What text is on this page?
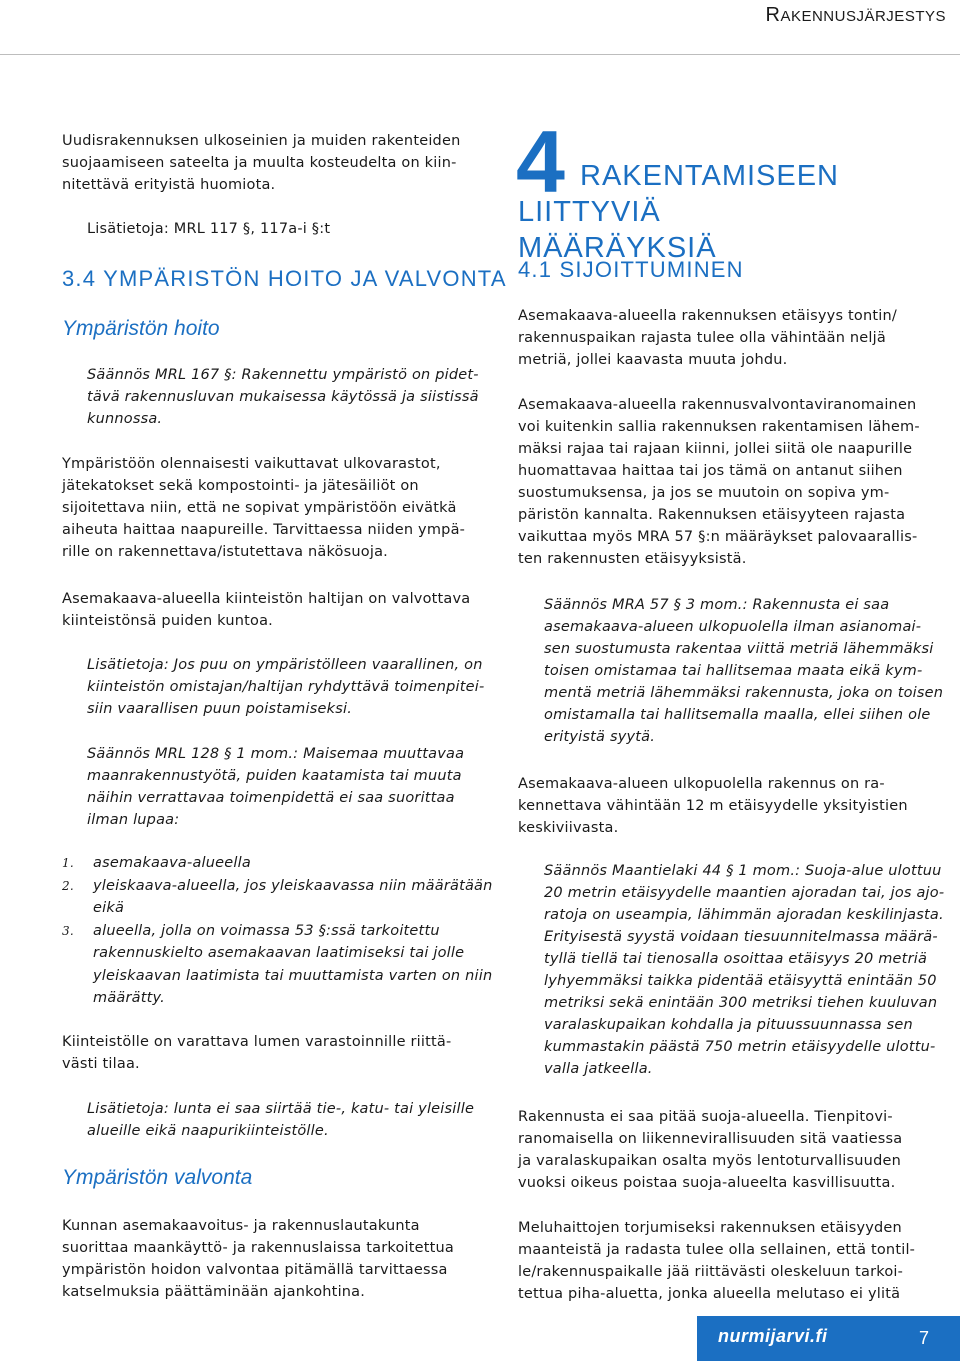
RAKENNUSJÄRJESTYS
Uudisrakennuksen ulkoseinien ja muiden rakenteiden
suojaamiseen sateelta ja muulta kosteudelta on kiin-
nitettävä erityistä huomiota.
Lisätietoja: MRL 117 §, 117a-i §:t
3.4 YMPÄRISTÖN HOITO JA VALVONTA
Ympäristön hoito
Säännös MRL 167 §: Rakennettu ympäristö on pidet-
tävä rakennusluvan mukaisessa käytössä ja siistissä
kunnossa.
Ympäristöön olennaisesti vaikuttavat ulkovarastot,
jätekatokset sekä kompostointi- ja jätesäiliöt on
sijoitettava niin, että ne sopivat ympäristöön eivätkä
aiheuta haittaa naapureille. Tarvittaessa niiden ympä-
rille on rakennettava/istutettava näkösuoja.
Asemakaava-alueella kiinteistön haltijan on valvottava
kiinteistönsä puiden kuntoa.
Lisätietoja: Jos puu on ympäristölleen vaarallinen, on
kiinteistön omistajan/haltijan ryhdyttävä toimenpitei-
siin vaarallisen puun poistamiseksi.
Säännös MRL 128 § 1 mom.: Maisemaa muuttavaa
maanrakennustyötä, puiden kaatamista tai muuta
näihin verrattavaa toimenpidettä ei saa suorittaa
ilman lupaa:
1. asemakaava-alueella
2. yleiskaava-alueella, jos yleiskaavassa niin määrätään
eikä
3. alueella, jolla on voimassa 53 §:ssä tarkoitettu
rakennuskielto asemakaavan laatimiseksi tai jolle
yleiskaavan laatimista tai muuttamista varten on niin
määrätty.
Kiinteistölle on varattava lumen varastoinnille riittä-
västi tilaa.
Lisätietoja: lunta ei saa siirtää tie-, katu- tai yleisille
alueille eikä naapurikiinteistölle.
Ympäristön valvonta
Kunnan asemakaavoitus- ja rakennuslautakunta
suorittaa maankäyttö- ja rakennuslaissa tarkoitettua
ympäristön hoidon valvontaa pitämällä tarvittaessa
katselmuksia päättäminään ajankohtina.
4 RAKENTAMISEEN LIITTYVIÄ
MÄÄRÄYKSIÄ
4.1 SIJOITTUMINEN
Asemakaava-alueella rakennuksen etäisyys tontin/
rakennuspaikan rajasta tulee olla vähintään neljä
metriä, jollei kaavasta muuta johdu.
Asemakaava-alueella rakennusvalvontaviranomainen
voi kuitenkin sallia rakennuksen rakentamisen lähem-
mäksi rajaa tai rajaan kiinni, jollei siitä ole naapurille
huomattavaa haittaa tai jos tämä on antanut siihen
suostumuksensa, ja jos se muutoin on sopiva ym-
päristön kannalta. Rakennuksen etäisyyteen rajasta
vaikuttaa myös MRA 57 §:n määräykset palovaarallis-
ten rakennusten etäisyyksistä.
Säännös MRA 57 § 3 mom.: Rakennusta ei saa
asemakaava-alueen ulkopuolella ilman asianomai-
sen suostumusta rakentaa viittä metriä lähemmäksi
toisen omistamaa tai hallitsemaa maata eikä kym-
mentä metriä lähemmäksi rakennusta, joka on toisen
omistamalla tai hallitsemalla maalla, ellei siihen ole
erityistä syytä.
Asemakaava-alueen ulkopuolella rakennus on ra-
kennettava vähintään 12 m etäisyydelle yksityistien
keskiviivasta.
Säännös Maantielaki 44 § 1 mom.: Suoja-alue ulottuu
20 metrin etäisyydelle maantien ajoradan tai, jos ajo-
ratoja on useampia, lähimmän ajoradan keskilinjasta.
Erityisestä syystä voidaan tiesuunnitelmassa määrä-
tyllä tiellä tai tienosalla osoittaa etäisyys 20 metriä
lyhyemmäksi taikka pidentää etäisyyttä enintään 50
metriksi sekä enintään 300 metriksi tiehen kuuluvan
varalaskupaikan kohdalla ja pituussuunnassa sen
kummastakin päästä 750 metrin etäisyydelle ulottu-
valla jatkeella.
Rakennusta ei saa pitää suoja-alueella. Tienpitovi-
ranomaisella on liikennevirallisuuden sitä vaatiessa
ja varalaskupaikan osalta myös lentoturvallisuuden
vuoksi oikeus poistaa suoja-alueelta kasvillisuutta.
Meluhaittojen torjumiseksi rakennuksen etäisyyden
maanteistä ja radasta tulee olla sellainen, että tontil-
le/rakennuspaikalle jää riittävästi oleskeluun tarkoi-
tettua piha-aluetta, jonka alueella melutaso ei ylitä
nurmijarvi.fi	7
